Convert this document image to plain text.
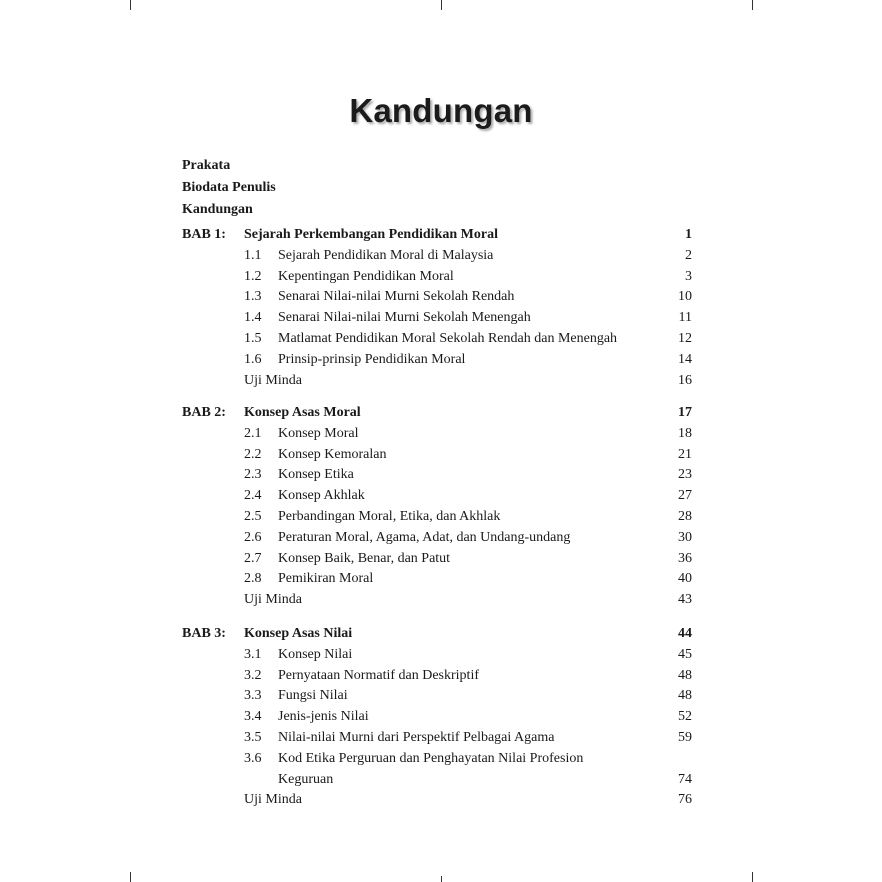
Kandungan
Prakata
Biodata Penulis
Kandungan
BAB 1: Sejarah Perkembangan Pendidikan Moral	1
1.1 Sejarah Pendidikan Moral di Malaysia	2
1.2 Kepentingan Pendidikan Moral	3
1.3 Senarai Nilai-nilai Murni Sekolah Rendah	10
1.4 Senarai Nilai-nilai Murni Sekolah Menengah	11
1.5 Matlamat Pendidikan Moral Sekolah Rendah dan Menengah	12
1.6 Prinsip-prinsip Pendidikan Moral	14
Uji Minda	16
BAB 2: Konsep Asas Moral	17
2.1 Konsep Moral	18
2.2 Konsep Kemoralan	21
2.3 Konsep Etika	23
2.4 Konsep Akhlak	27
2.5 Perbandingan Moral, Etika, dan Akhlak	28
2.6 Peraturan Moral, Agama, Adat, dan Undang-undang	30
2.7 Konsep Baik, Benar, dan Patut	36
2.8 Pemikiran Moral	40
Uji Minda	43
BAB 3: Konsep Asas Nilai	44
3.1 Konsep Nilai	45
3.2 Pernyataan Normatif dan Deskriptif	48
3.3 Fungsi Nilai	48
3.4 Jenis-jenis Nilai	52
3.5 Nilai-nilai Murni dari Perspektif Pelbagai Agama	59
3.6 Kod Etika Perguruan dan Penghayatan Nilai Profesion
Keguruan	74
Uji Minda	76
